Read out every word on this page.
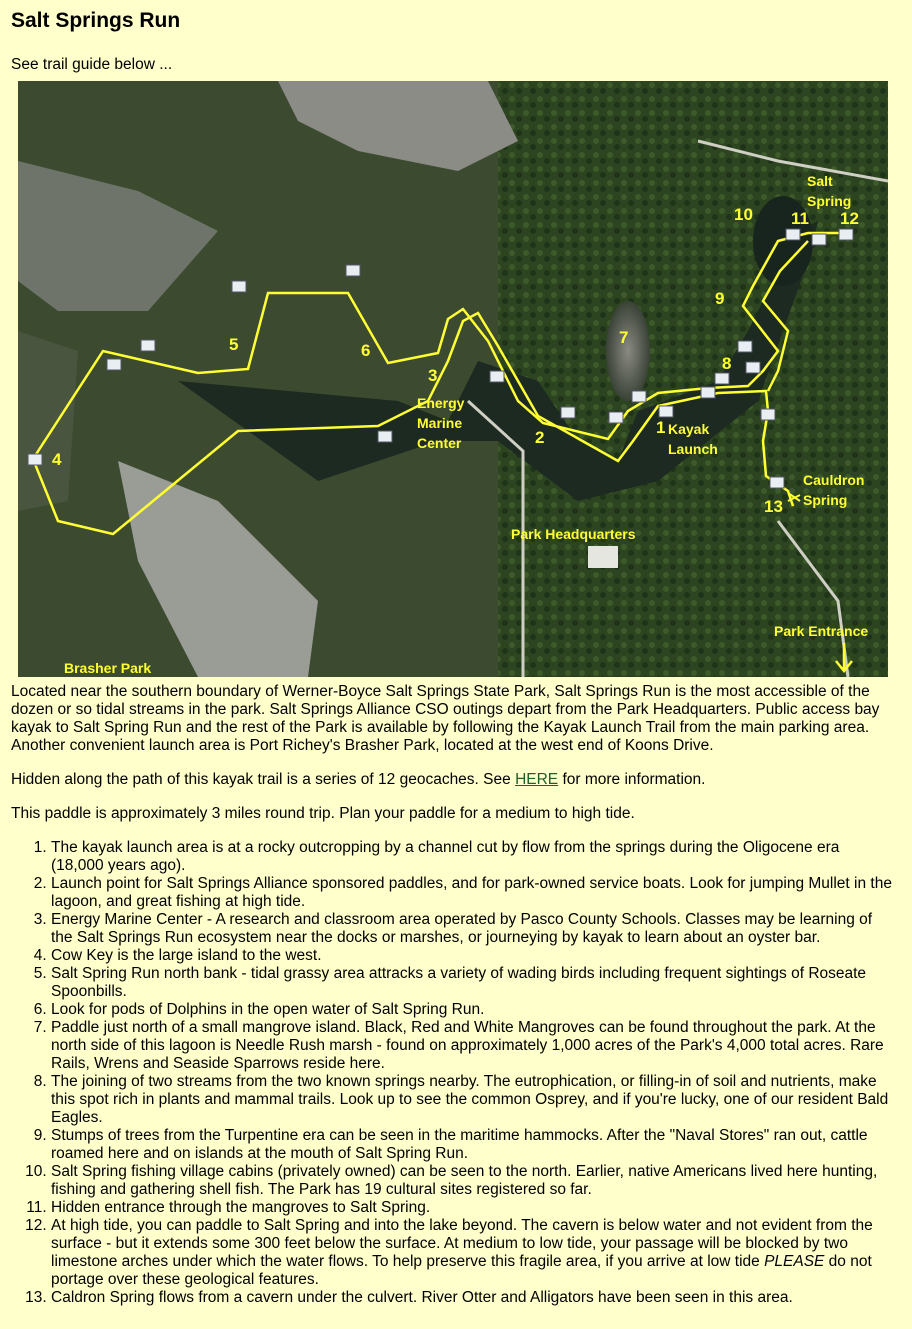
Salt Springs Run

See trail guide below ...

1
2
3
4
5	6
7
8
9
10 11 12
13
Salt
Spring
Energy
Marine
Center
Kayak
Launch
Cauldron
Spring
Park Headquarters
Park Entrance
Brasher Park

Located near the southern boundary of Werner-Boyce Salt Springs State Park, Salt Springs Run is the most accessible of the dozen or so tidal streams in the park. Salt Springs Alliance CSO outings depart from the Park Headquarters. Public access bay kayak to Salt Spring Run and the rest of the Park is available by following the Kayak Launch Trail from the main parking area. Another convenient launch area is Port Richey's Brasher Park, located at the west end of Koons Drive.

Hidden along the path of this kayak trail is a series of 12 geocaches. See HERE for more information.

This paddle is approximately 3 miles round trip. Plan your paddle for a medium to high tide.

1. The kayak launch area is at a rocky outcropping by a channel cut by flow from the springs during the Oligocene era (18,000 years ago).
2. Launch point for Salt Springs Alliance sponsored paddles, and for park-owned service boats. Look for jumping Mullet in the lagoon, and great fishing at high tide.
3. Energy Marine Center - A research and classroom area operated by Pasco County Schools. Classes may be learning of the Salt Springs Run ecosystem near the docks or marshes, or journeying by kayak to learn about an oyster bar.
4. Cow Key is the large island to the west.
5. Salt Spring Run north bank - tidal grassy area attracks a variety of wading birds including frequent sightings of Roseate Spoonbills.
6. Look for pods of Dolphins in the open water of Salt Spring Run.
7. Paddle just north of a small mangrove island. Black, Red and White Mangroves can be found throughout the park. At the north side of this lagoon is Needle Rush marsh - found on approximately 1,000 acres of the Park's 4,000 total acres. Rare Rails, Wrens and Seaside Sparrows reside here.
8. The joining of two streams from the two known springs nearby. The eutrophication, or filling-in of soil and nutrients, make this spot rich in plants and mammal trails. Look up to see the common Osprey, and if you're lucky, one of our resident Bald Eagles.
9. Stumps of trees from the Turpentine era can be seen in the maritime hammocks. After the "Naval Stores" ran out, cattle roamed here and on islands at the mouth of Salt Spring Run.
10. Salt Spring fishing village cabins (privately owned) can be seen to the north. Earlier, native Americans lived here hunting, fishing and gathering shell fish. The Park has 19 cultural sites registered so far.
11. Hidden entrance through the mangroves to Salt Spring.
12. At high tide, you can paddle to Salt Spring and into the lake beyond. The cavern is below water and not evident from the surface - but it extends some 300 feet below the surface. At medium to low tide, your passage will be blocked by two limestone arches under which the water flows. To help preserve this fragile area, if you arrive at low tide PLEASE do not portage over these geological features.
13. Caldron Spring flows from a cavern under the culvert. River Otter and Alligators have been seen in this area.
